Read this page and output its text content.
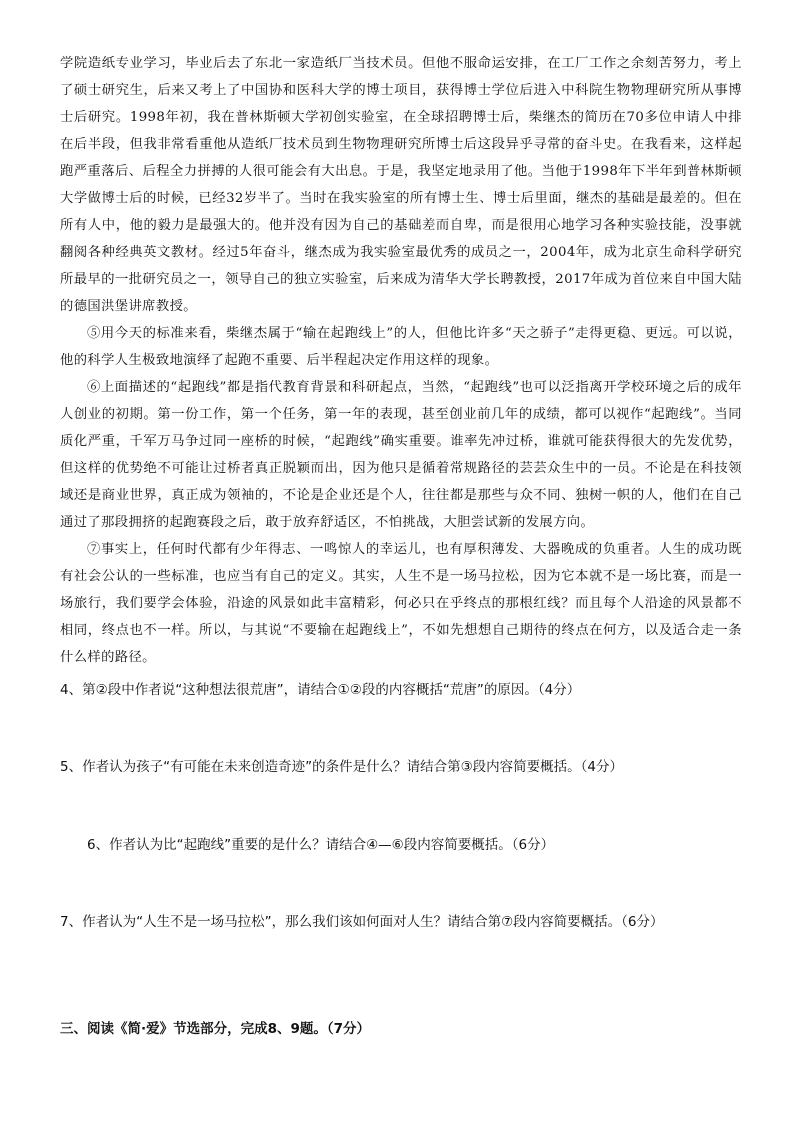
学院造纸专业学习，毕业后去了东北一家造纸厂当技术员。但他不服命运安排，在工厂工作之余刻苦努力，考上了硕士研究生，后来又考上了中国协和医科大学的博士项目，获得博士学位后进入中科院生物物理研究所从事博士后研究。1998年初，我在普林斯顿大学初创实验室，在全球招聘博士后，柴继杰的简历在70多位申请人中排在后半段，但我非常看重他从造纸厂技术员到生物物理研究所博士后这段异乎寻常的奋斗史。在我看来，这样起跑严重落后、后程全力拼搏的人很可能会有大出息。于是，我坚定地录用了他。当他于1998年下半年到普林斯顿大学做博士后的时候，已经32岁半了。当时在我实验室的所有博士生、博士后里面，继杰的基础是最差的。但在所有人中，他的毅力是最强大的。他并没有因为自己的基础差而自卑，而是很用心地学习各种实验技能，没事就翻阅各种经典英文教材。经过5年奋斗，继杰成为我实验室最优秀的成员之一，2004年，成为北京生命科学研究所最早的一批研究员之一，领导自己的独立实验室，后来成为清华大学长聘教授，2017年成为首位来自中国大陆的德国洪堡讲席教授。

⑤用今天的标准来看，柴继杰属于“输在起跑线上”的人，但他比许多“天之骄子”走得更稳、更远。可以说，他的科学人生极致地演绎了起跑不重要、后半程起决定作用这样的现象。

⑥上面描述的“起跑线”都是指代教育背景和科研起点，当然，“起跑线”也可以泛指离开学校环境之后的成年人创业的初期。第一份工作，第一个任务，第一年的表现，甚至创业前几年的成绩，都可以视作“起跑线”。当同质化严重，千军万马争过同一座桥的时候，“起跑线”确实重要。谁率先冲过桥，谁就可能获得很大的先发优势，但这样的优势绝不可能让过桥者真正脱颖而出，因为他只是循着常规路径的芸芸众生中的一员。不论是在科技领域还是商业世界，真正成为领袖的，不论是企业还是个人，往往都是那些与众不同、独树一帜的人，他们在自己通过了那段拥挤的起跑赛段之后，敢于放弃舒适区，不怕挑战，大胆尝试新的发展方向。

⑦事实上，任何时代都有少年得志、一鸣惊人的幸运儿，也有厚积薄发、大器晚成的负重者。人生的成功既有社会公认的一些标准，也应当有自己的定义。其实，人生不是一场马拉松，因为它本就不是一场比赛，而是一场旅行，我们要学会体验，沿途的风景如此丰富精彩，何必只在乎终点的那根红线？而且每个人沿途的风景都不相同，终点也不一样。所以，与其说“不要输在起跑线上”，不如先想想自己期待的终点在何方，以及适合走一条什么样的路径。

4、第②段中作者说“这种想法很荒唐”，请结合①②段的内容概括“荒唐”的原因。（4分）
5、作者认为孩子“有可能在未来创造奇迹”的条件是什么？请结合第③段内容简要概括。（4分）
6、作者认为比“起跑线”重要的是什么？请结合④—⑥段内容简要概括。（6分）
7、作者认为“人生不是一场马拉松”，那么我们该如何面对人生？请结合第⑦段内容简要概括。（6分）
三、阅读《简·爱》节选部分，完成8、9题。（7分）
